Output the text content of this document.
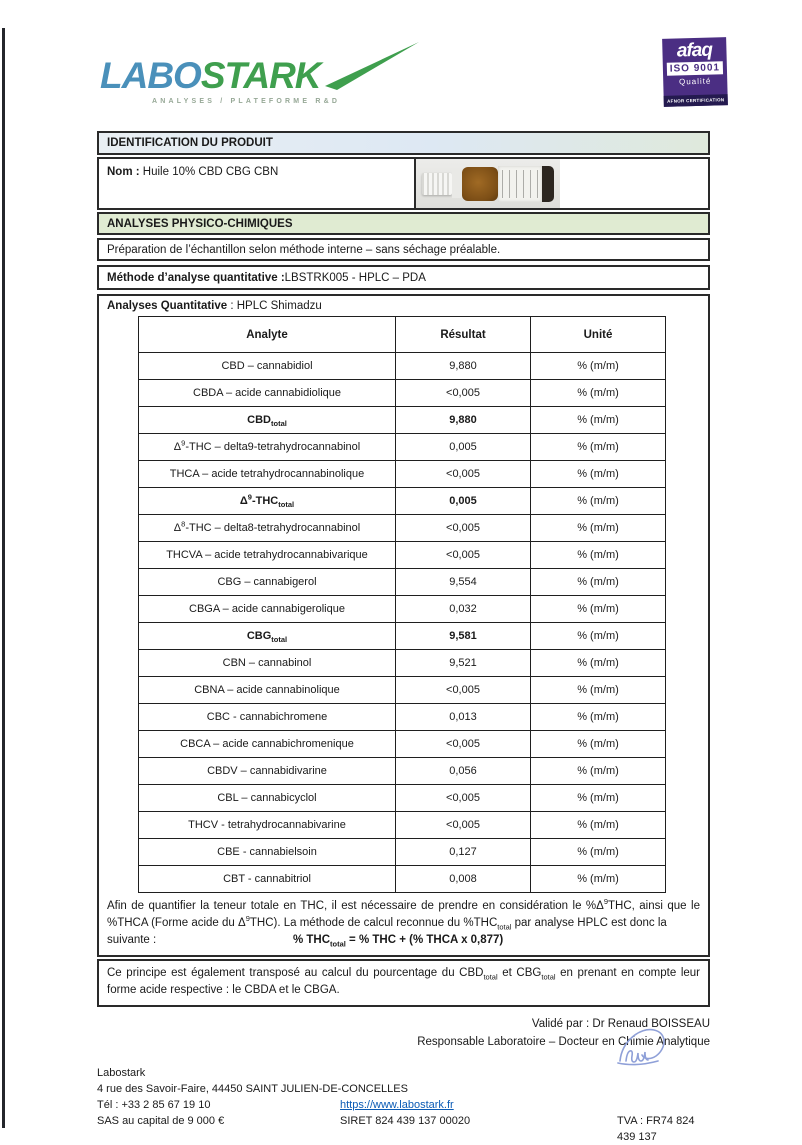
LABOSTARK
ANALYSES / PLATEFORME R&D
afaq
ISO 9001
Qualité
AFNOR CERTIFICATION
IDENTIFICATION DU PRODUIT
Nom : Huile 10% CBD CBG CBN
ANALYSES PHYSICO-CHIMIQUES
Préparation de l’échantillon selon méthode interne – sans séchage préalable.
Méthode d’analyse quantitative : LBSTRK005 - HPLC – PDA
Analyses Quantitative : HPLC Shimadzu
Analyte	Résultat	Unité
CBD – cannabidiol	9,880	% (m/m)
CBDA – acide cannabidiolique	<0,005	% (m/m)
$CBD_{total}$	9,880	% (m/m)
$\Delta^9$-THC – delta9-tetrahydrocannabinol	0,005	% (m/m)
THCA – acide tetrahydrocannabinolique	<0,005	% (m/m)
$\Delta^9-THC_{total}$	0,005	% (m/m)
$\Delta^8$-THC – delta8-tetrahydrocannabinol	<0,005	% (m/m)
THCVA – acide tetrahydrocannabivarique	<0,005	% (m/m)
CBG – cannabigerol	9,554	% (m/m)
CBGA – acide cannabigerolique	0,032	% (m/m)
$CBG_{total}$	9,581	% (m/m)
CBN – cannabinol	9,521	% (m/m)
CBNA – acide cannabinolique	<0,005	% (m/m)
CBC - cannabichromene	0,013	% (m/m)
CBCA – acide cannabichromenique	<0,005	% (m/m)
CBDV – cannabidivarine	0,056	% (m/m)
CBL – cannabicyclol	<0,005	% (m/m)
THCV - tetrahydrocannabivarine	<0,005	% (m/m)
CBE - cannabielsoin	0,127	% (m/m)
CBT - cannabitriol	0,008	% (m/m)
Afin de quantifier la teneur totale en THC, il est nécessaire de prendre en considération le $\%\Delta^9THC$, ainsi que le %THCA (Forme acide du $\Delta^9THC$). La méthode de calcul reconnue du $\%THC_{total}$ par analyse HPLC est donc la
suivante :	% $THC_{total}$ = % THC + (% THCA x 0,877)
Ce principe est également transposé au calcul du pourcentage du $CBD_{total}$ et $CBG_{total}$ en prenant en compte leur forme acide respective : le CBDA et le CBGA.
Validé par : Dr Renaud BOISSEAU
Responsable Laboratoire – Docteur en Chimie Analytique
Labostark
4 rue des Savoir-Faire, 44450 SAINT JULIEN-DE-CONCELLES
Tél : +33 2 85 67 19 10	https://www.labostark.fr
SAS au capital de 9 000 €	SIRET 824 439 137 00020	TVA : FR74 824 439 137
